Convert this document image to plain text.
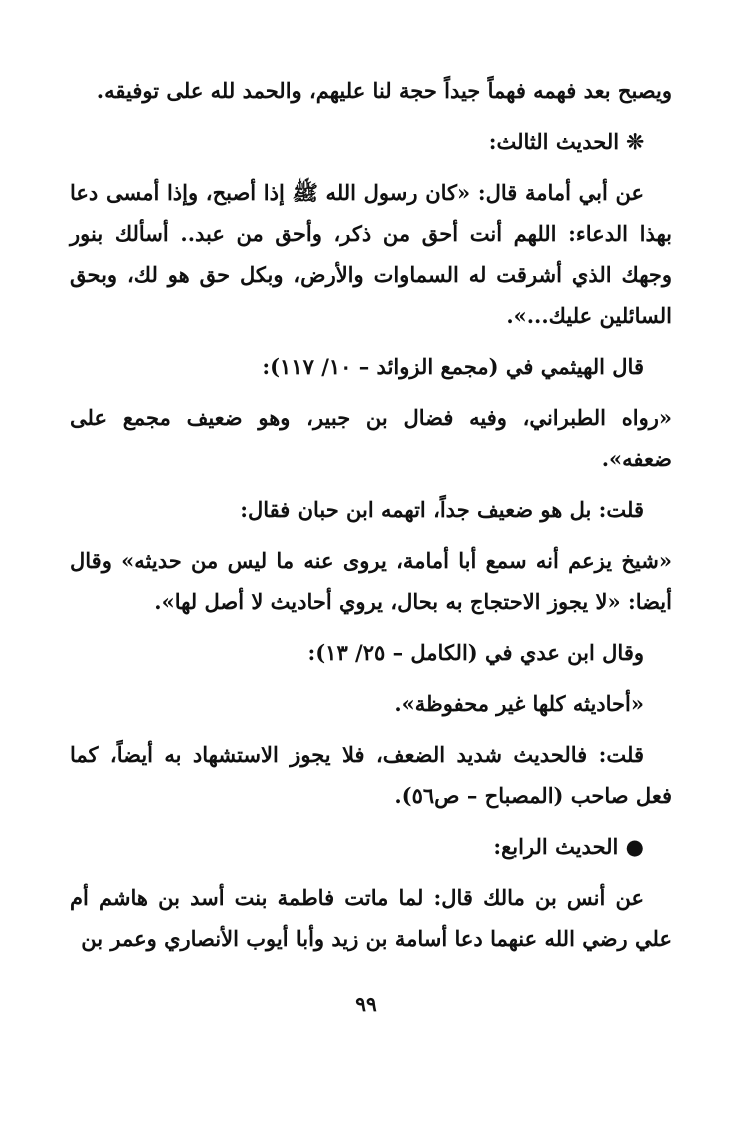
ويصبح بعد فهمه فهماً جيداً حجة لنا عليهم، والحمد لله على توفيقه.

❊ الحديث الثالث:

عن أبي أمامة قال: «كان رسول الله ﷺ إذا أصبح، وإذا أمسى دعا بهذا الدعاء: اللهم أنت أحق من ذكر، وأحق من عبد.. أسألك بنور وجهك الذي أشرقت له السماوات والأرض، وبكل حق هو لك، وبحق السائلين عليك...».

قال الهيثمي في (مجمع الزوائد – ١٠/ ١١٧):

«رواه الطبراني، وفيه فضال بن جبير، وهو ضعيف مجمع على ضعفه».

قلت: بل هو ضعيف جداً، اتهمه ابن حبان فقال:

«شيخ يزعم أنه سمع أبا أمامة، يروى عنه ما ليس من حديثه» وقال أيضا: «لا يجوز الاحتجاج به بحال، يروي أحاديث لا أصل لها».

وقال ابن عدي في (الكامل – ٢٥/ ١٣):

«أحاديثه كلها غير محفوظة».

قلت: فالحديث شديد الضعف، فلا يجوز الاستشهاد به أيضاً، كما فعل صاحب (المصباح – ص٥٦).

● الحديث الرابع:

عن أنس بن مالك قال: لما ماتت فاطمة بنت أسد بن هاشم أم علي رضي الله عنهما دعا أسامة بن زيد وأبا أيوب الأنصاري وعمر بن

٩٩
